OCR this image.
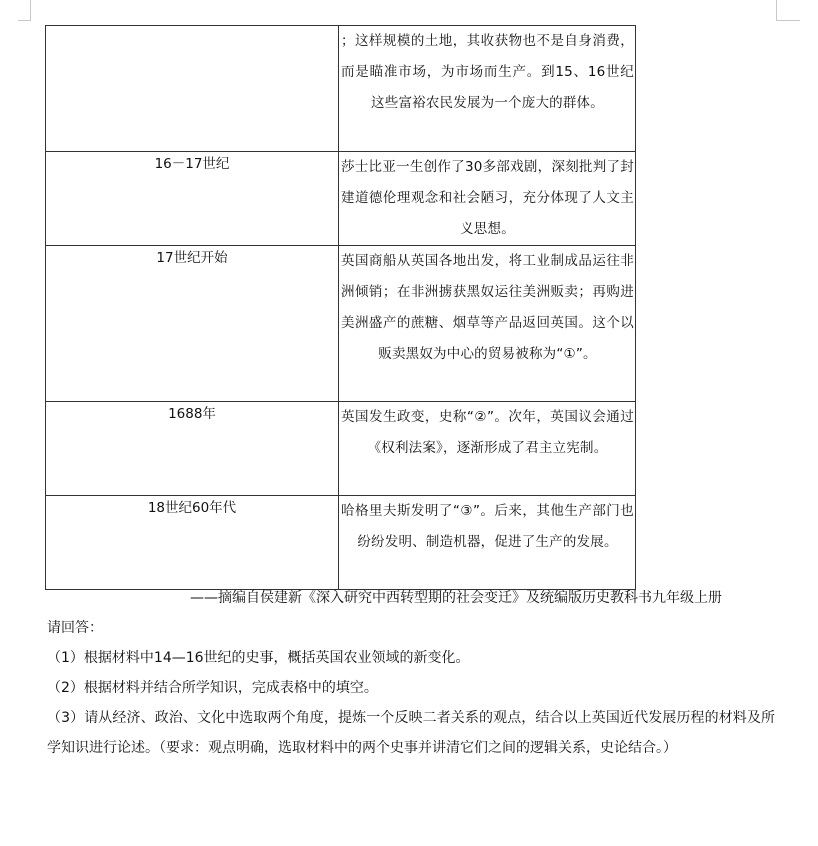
	；这样规模的土地，其收获物也不是自身消费，而是瞄准市场，为市场而生产。到15、16世纪这些富裕农民发展为一个庞大的群体。
16－17世纪	莎士比亚一生创作了30多部戏剧，深刻批判了封建道德伦理观念和社会陋习，充分体现了人文主义思想。
17世纪开始	英国商船从英国各地出发，将工业制成品运往非洲倾销；在非洲掳获黑奴运往美洲贩卖；再购进美洲盛产的蔗糖、烟草等产品返回英国。这个以贩卖黑奴为中心的贸易被称为“①”。
1688年	英国发生政变，史称“②”。次年，英国议会通过《权利法案》，逐渐形成了君主立宪制。
18世纪60年代	哈格里夫斯发明了“③”。后来，其他生产部门也纷纷发明、制造机器，促进了生产的发展。
——摘编自侯建新《深入研究中西转型期的社会变迁》及统编版历史教科书九年级上册
请回答：
（1）根据材料中14—16世纪的史事，概括英国农业领域的新变化。
（2）根据材料并结合所学知识，完成表格中的填空。
（3）请从经济、政治、文化中选取两个角度，提炼一个反映二者关系的观点，结合以上英国近代发展历程的材料及所学知识进行论述。（要求：观点明确，选取材料中的两个史事并讲清它们之间的逻辑关系，史论结合。）
